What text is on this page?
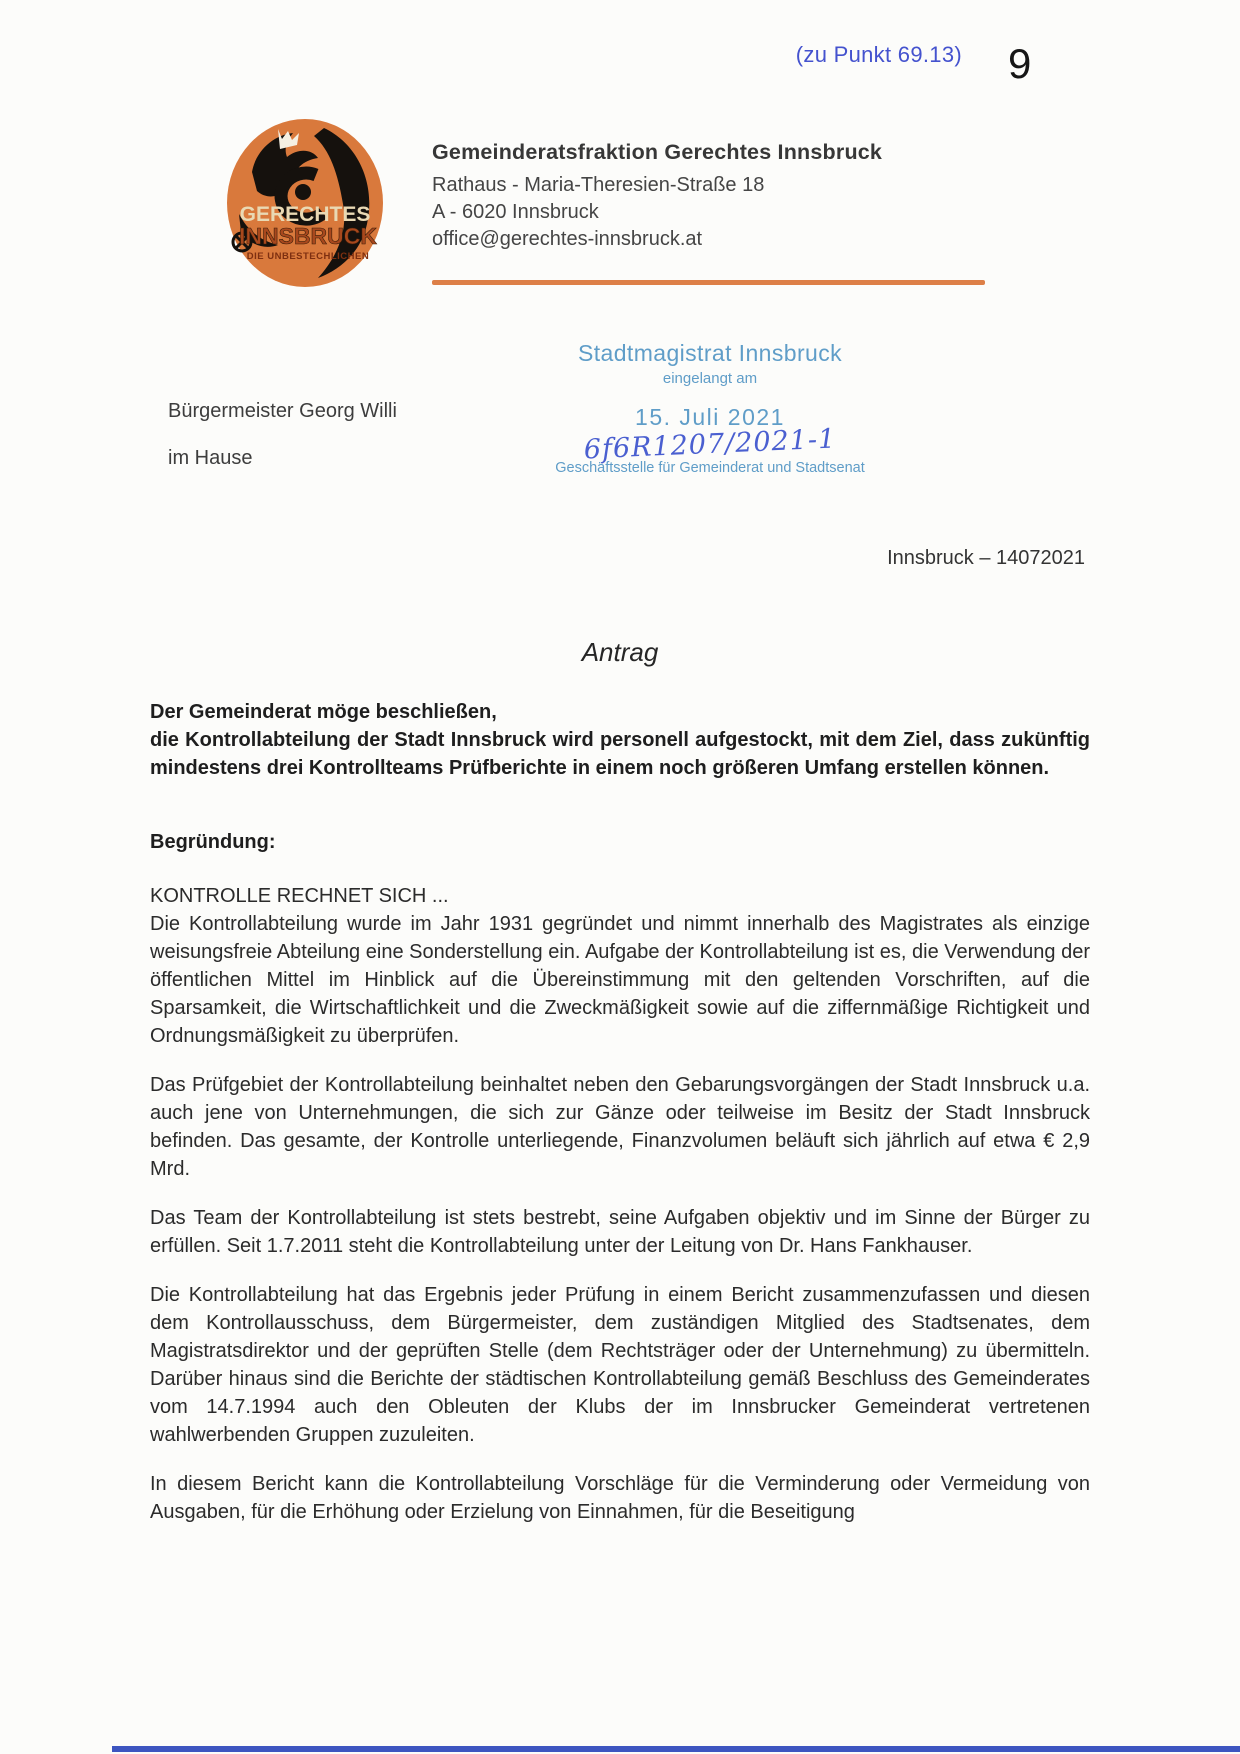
(zu Punkt 69.13) 9
GERECHTES
INNSBRUCK
DIE UNBESTECHLICHEN
Gemeinderatsfraktion Gerechtes Innsbruck
Rathaus - Maria-Theresien-Straße 18
A - 6020 Innsbruck
office@gerechtes-innsbruck.at
Bürgermeister Georg Willi
im Hause
Stadtmagistrat Innsbruck
eingelangt am
15. Juli 2021
6f6R1207/2021-1
Geschäftsstelle für Gemeinderat und Stadtsenat
Innsbruck – 14072021
Antrag

Der Gemeinderat möge beschließen,
die Kontrollabteilung der Stadt Innsbruck wird personell aufgestockt, mit dem Ziel, dass zukünftig mindestens drei Kontrollteams Prüfberichte in einem noch größeren Umfang erstellen können.

Begründung:

KONTROLLE RECHNET SICH ...
Die Kontrollabteilung wurde im Jahr 1931 gegründet und nimmt innerhalb des Magistrates als einzige weisungsfreie Abteilung eine Sonderstellung ein. Aufgabe der Kontrollabteilung ist es, die Verwendung der öffentlichen Mittel im Hinblick auf die Übereinstimmung mit den geltenden Vorschriften, auf die Sparsamkeit, die Wirtschaftlichkeit und die Zweckmäßigkeit sowie auf die ziffernmäßige Richtigkeit und Ordnungsmäßigkeit zu überprüfen.

Das Prüfgebiet der Kontrollabteilung beinhaltet neben den Gebarungsvorgängen der Stadt Innsbruck u.a. auch jene von Unternehmungen, die sich zur Gänze oder teilweise im Besitz der Stadt Innsbruck befinden. Das gesamte, der Kontrolle unterliegende, Finanzvolumen beläuft sich jährlich auf etwa € 2,9 Mrd.

Das Team der Kontrollabteilung ist stets bestrebt, seine Aufgaben objektiv und im Sinne der Bürger zu erfüllen. Seit 1.7.2011 steht die Kontrollabteilung unter der Leitung von Dr. Hans Fankhauser.

Die Kontrollabteilung hat das Ergebnis jeder Prüfung in einem Bericht zusammenzufassen und diesen dem Kontrollausschuss, dem Bürgermeister, dem zuständigen Mitglied des Stadtsenates, dem Magistratsdirektor und der geprüften Stelle (dem Rechtsträger oder der Unternehmung) zu übermitteln. Darüber hinaus sind die Berichte der städtischen Kontrollabteilung gemäß Beschluss des Gemeinderates vom 14.7.1994 auch den Obleuten der Klubs der im Innsbrucker Gemeinderat vertretenen wahlwerbenden Gruppen zuzuleiten.

In diesem Bericht kann die Kontrollabteilung Vorschläge für die Verminderung oder Vermeidung von Ausgaben, für die Erhöhung oder Erzielung von Einnahmen, für die Beseitigung
